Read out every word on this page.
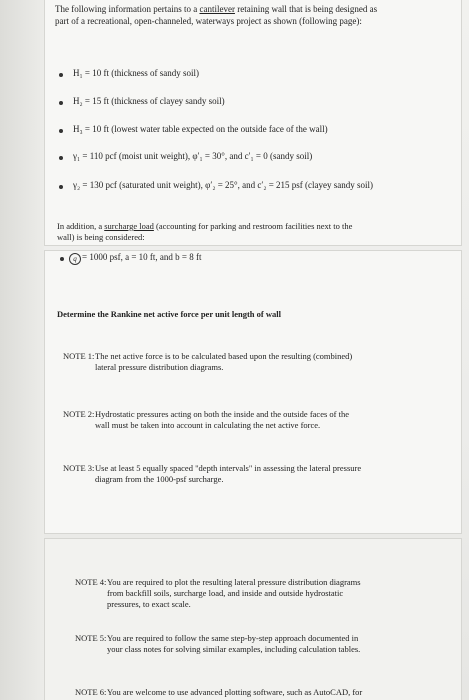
The following information pertains to a cantilever retaining wall that is being designed as
part of a recreational, open-channeled, waterways project as shown (following page):
H₁ = 10 ft (thickness of sandy soil)
H₂ = 15 ft (thickness of clayey sandy soil)
H₃ = 10 ft (lowest water table expected on the outside face of the wall)
γ₁ = 110 pcf (moist unit weight), φ′₁ = 30°, and c′₁ = 0 (sandy soil)
γ₂ = 130 pcf (saturated unit weight), φ′₂ = 25°, and c′₂ = 215 psf (clayey sandy soil)
In addition, a surcharge load (accounting for parking and restroom facilities next to the
wall) is being considered:
q = 1000 psf, a = 10 ft, and b = 8 ft
Determine the Rankine net active force per unit length of wall
NOTE 1:The net active force is to be calculated based upon the resulting (combined)
lateral pressure distribution diagrams.
NOTE 2:Hydrostatic pressures acting on both the inside and the outside faces of the
wall must be taken into account in calculating the net active force.
NOTE 3:Use at least 5 equally spaced "depth intervals" in assessing the lateral pressure
diagram from the 1000-psf surcharge.
NOTE 4:You are required to plot the resulting lateral pressure distribution diagrams
from backfill soils, surcharge load, and inside and outside hydrostatic
pressures, to exact scale.
NOTE 5:You are required to follow the same step-by-step approach documented in
your class notes for solving similar examples, including calculation tables.
NOTE 6:You are welcome to use advanced plotting software, such as AutoCAD, for
